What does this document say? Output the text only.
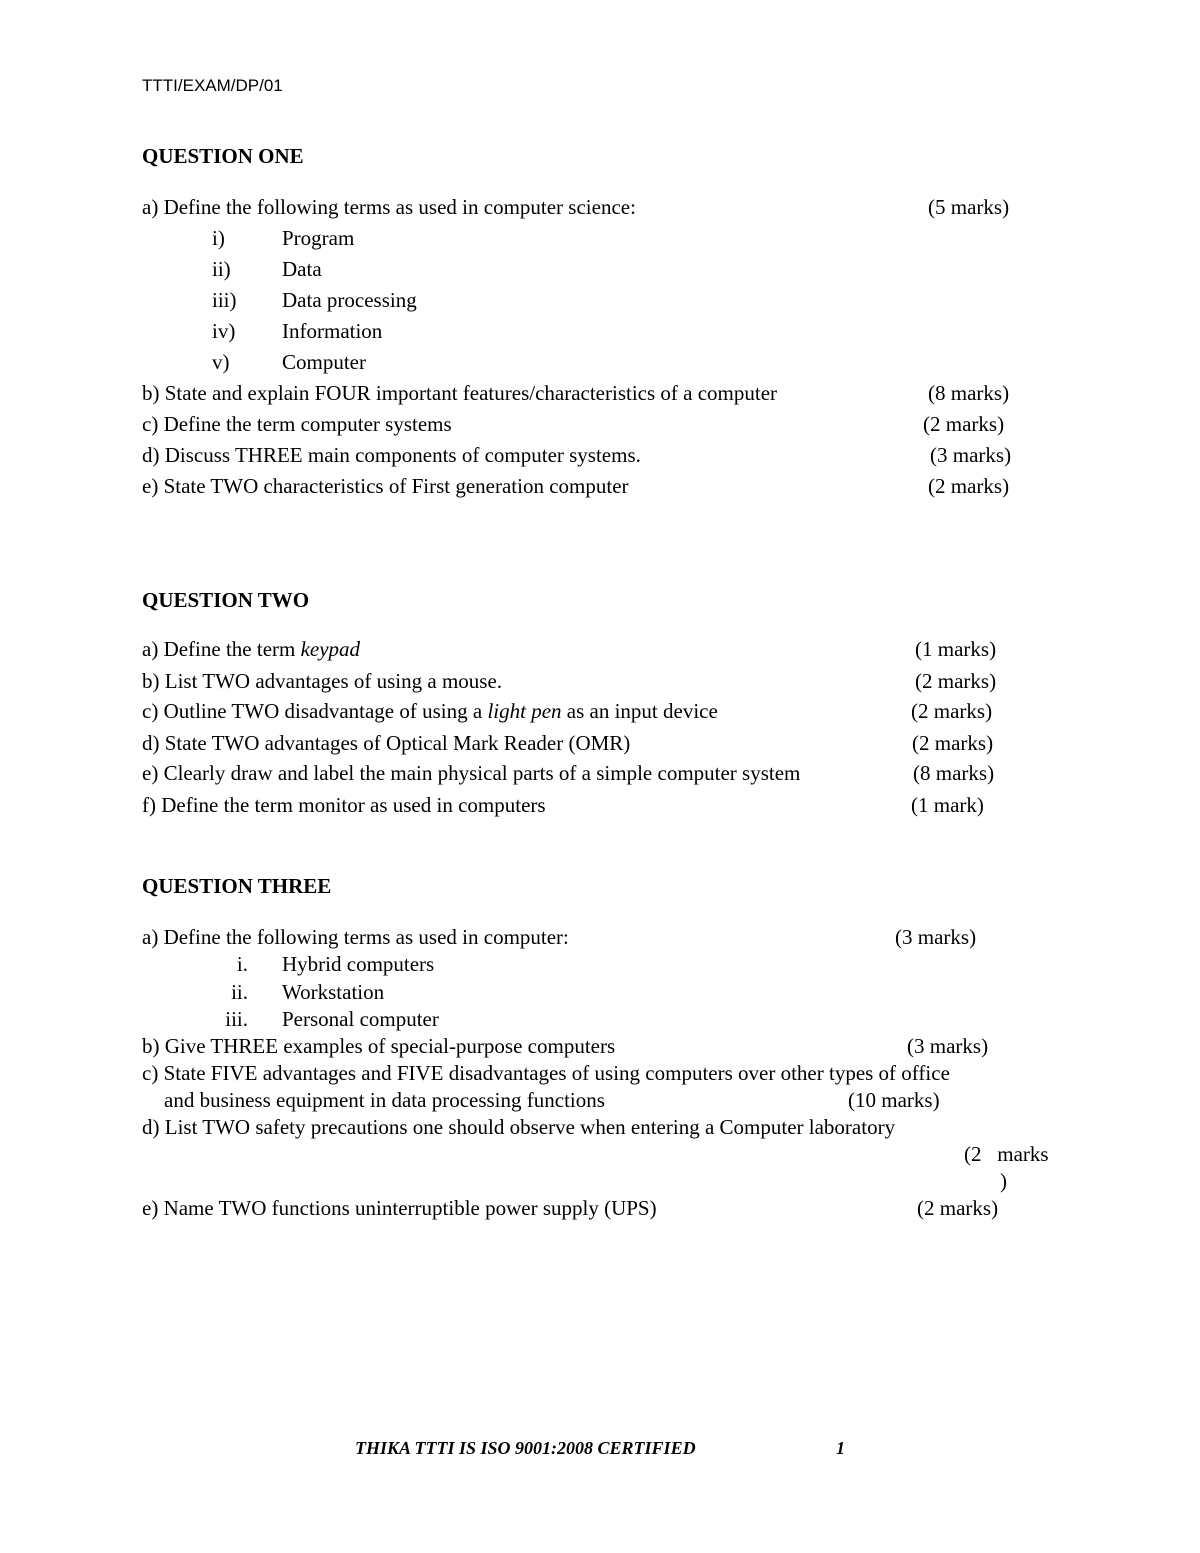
TTTI/EXAM/DP/01
QUESTION ONE
a) Define the following terms as used in computer science:	(5 marks)
i)	Program
ii) Data
iii) Data processing
iv) Information
v)	Computer
b) State and explain FOUR important features/characteristics of a computer	(8 marks)
c) Define the term computer systems	(2 marks)
d) Discuss THREE main components of computer systems.	(3 marks)
e) State TWO characteristics of First generation computer	(2 marks)
QUESTION TWO
a) Define the term keypad	(1 marks)
b) List TWO advantages of using a mouse.	(2 marks)
c) Outline TWO disadvantage of using a light pen as an input device	(2 marks)
d) State TWO advantages of Optical Mark Reader (OMR)	(2 marks)
e) Clearly draw and label the main physical parts of a simple computer system	(8 marks)
f) Define the term monitor as used in computers	(1 mark)
QUESTION THREE
a) Define the following terms as used in computer:	(3 marks)
i. Hybrid computers
ii. Workstation
iii. Personal computer
b) Give THREE examples of special-purpose computers	(3 marks)
c) State FIVE advantages and FIVE disadvantages of using computers over other types of office
and business equipment in data processing functions	(10 marks)
d) List TWO safety precautions one should observe when entering a Computer laboratory
(2   marks
)
e) Name TWO functions uninterruptible power supply (UPS)	(2 marks)
THIKA TTTI IS ISO 9001:2008 CERTIFIED	1
